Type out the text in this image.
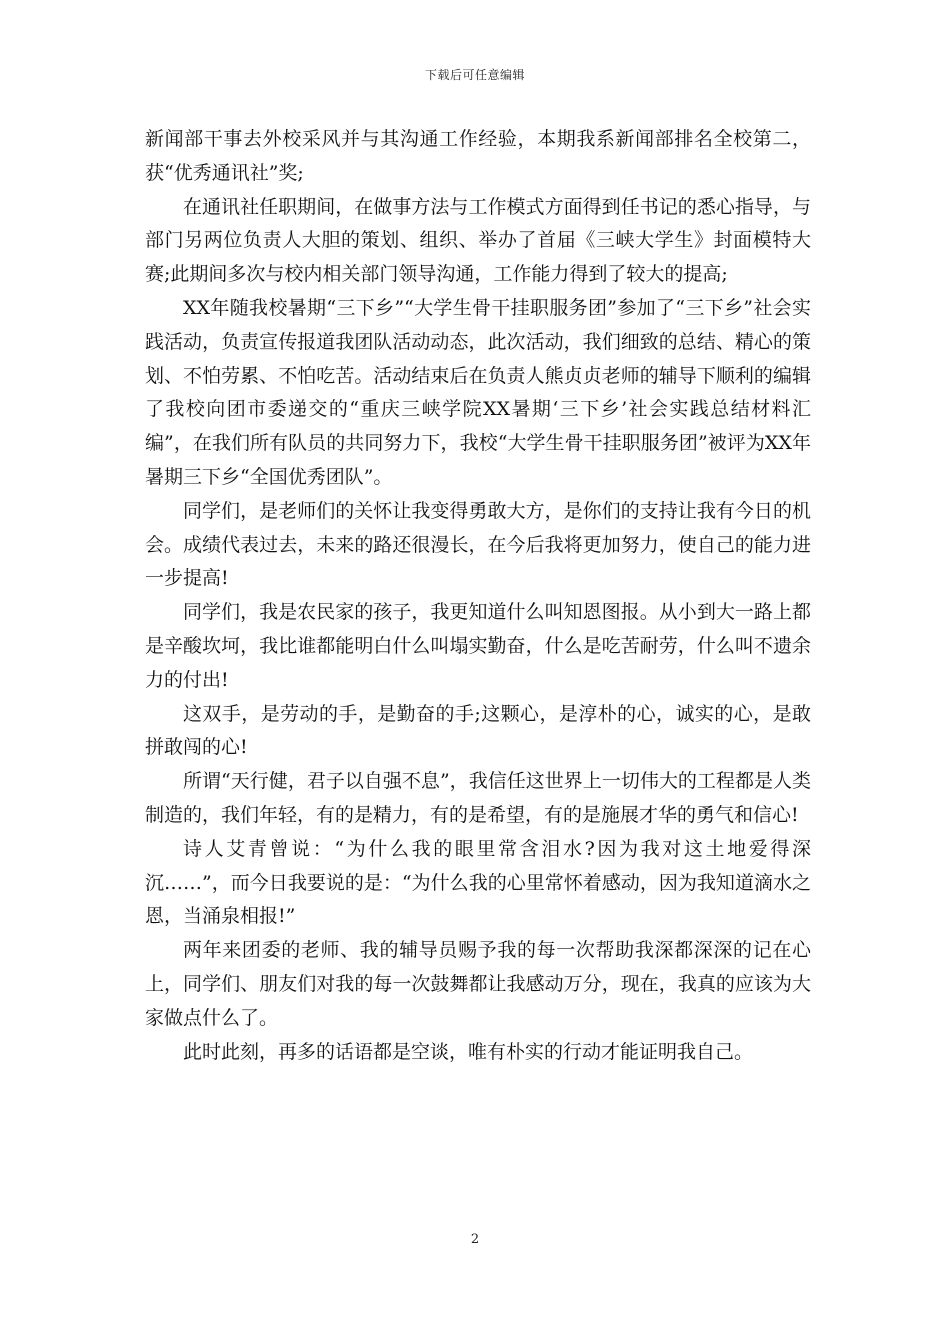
下载后可任意编辑

新闻部干事去外校采风并与其沟通工作经验，本期我系新闻部排名全校第二，获“优秀通讯社”奖;

在通讯社任职期间，在做事方法与工作模式方面得到任书记的悉心指导，与部门另两位负责人大胆的策划、组织、举办了首届《三峡大学生》封面模特大赛;此期间多次与校内相关部门领导沟通，工作能力得到了较大的提高;

XX年随我校暑期“三下乡”“大学生骨干挂职服务团”参加了“三下乡”社会实践活动，负责宣传报道我团队活动动态，此次活动，我们细致的总结、精心的策划、不怕劳累、不怕吃苦。活动结束后在负责人熊贞贞老师的辅导下顺利的编辑了我校向团市委递交的“重庆三峡学院XX暑期‘三下乡’社会实践总结材料汇编”，在我们所有队员的共同努力下，我校“大学生骨干挂职服务团”被评为XX年暑期三下乡“全国优秀团队”。

同学们，是老师们的关怀让我变得勇敢大方，是你们的支持让我有今日的机会。成绩代表过去，未来的路还很漫长，在今后我将更加努力，使自己的能力进一步提高!

同学们，我是农民家的孩子，我更知道什么叫知恩图报。从小到大一路上都是辛酸坎坷，我比谁都能明白什么叫塌实勤奋，什么是吃苦耐劳，什么叫不遗余力的付出!

这双手，是劳动的手，是勤奋的手;这颗心，是淳朴的心，诚实的心，是敢拼敢闯的心!

所谓“天行健，君子以自强不息”，我信任这世界上一切伟大的工程都是人类制造的，我们年轻，有的是精力，有的是希望，有的是施展才华的勇气和信心!

诗人艾青曾说：“为什么我的眼里常含泪水?因为我对这土地爱得深沉……”，而今日我要说的是：“为什么我的心里常怀着感动，因为我知道滴水之恩，当涌泉相报!”

两年来团委的老师、我的辅导员赐予我的每一次帮助我深都深深的记在心上，同学们、朋友们对我的每一次鼓舞都让我感动万分，现在，我真的应该为大家做点什么了。

此时此刻，再多的话语都是空谈，唯有朴实的行动才能证明我自己。

2
